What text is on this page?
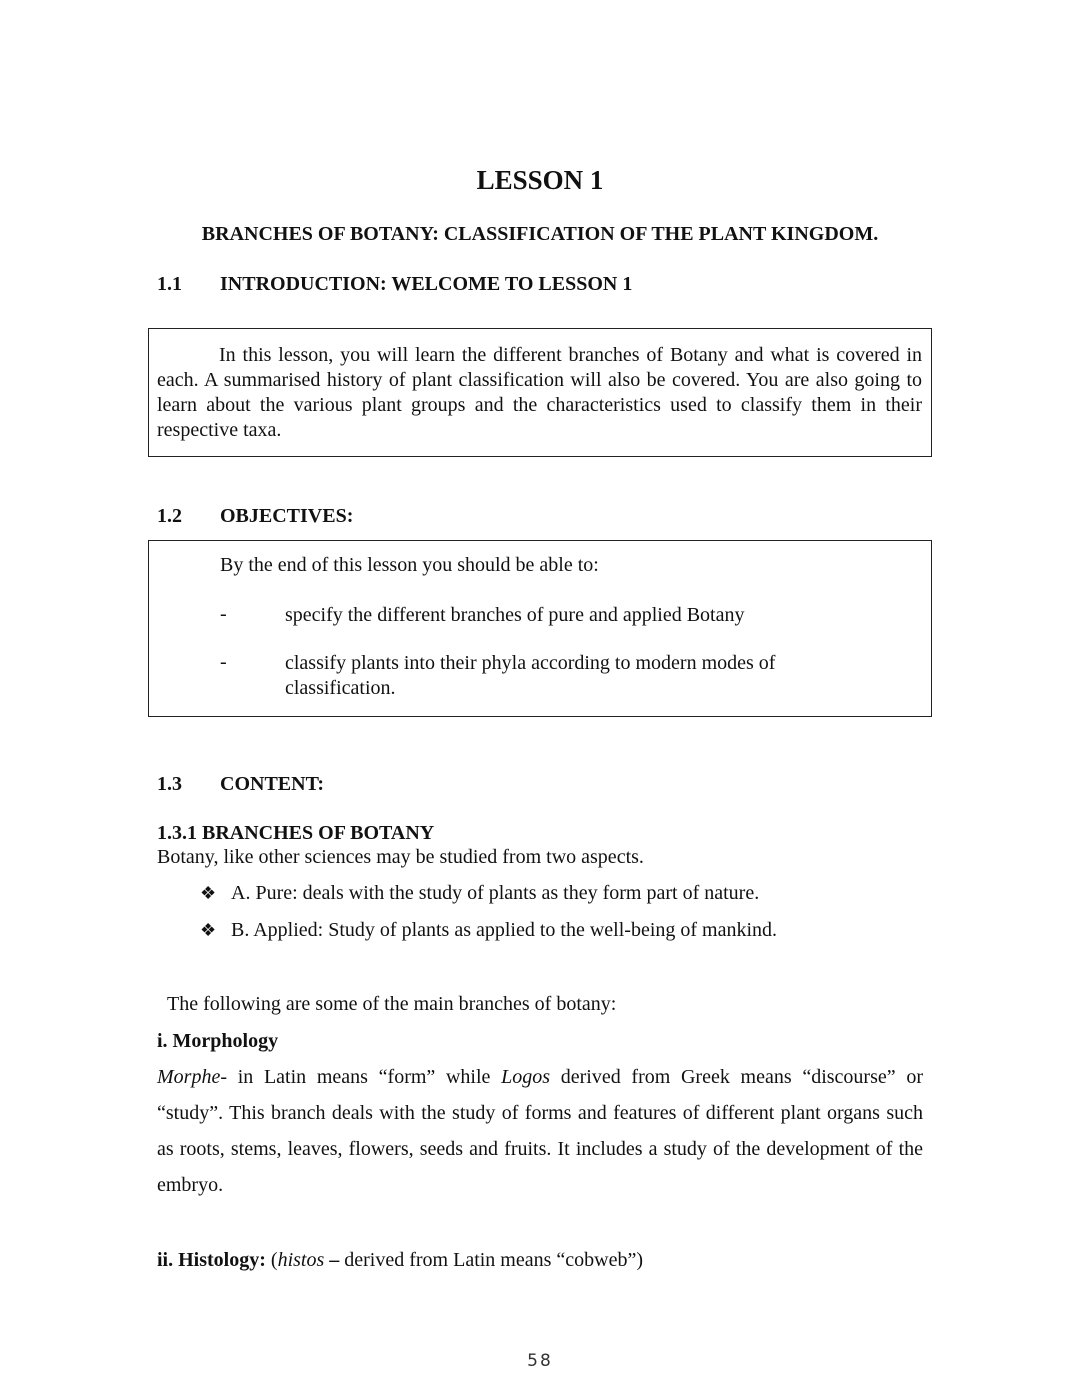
LESSON 1
BRANCHES OF BOTANY: CLASSIFICATION OF THE PLANT KINGDOM.
1.1 INTRODUCTION: WELCOME TO LESSON 1
In this lesson, you will learn the different branches of Botany and what is covered in each. A summarised history of plant classification will also be covered. You are also going to learn about the various plant groups and the characteristics used to classify them in their respective taxa.
1.2 OBJECTIVES:
By the end of this lesson you should be able to:
-	specify the different branches of pure and applied Botany
-	classify plants into their phyla according to modern modes of classification.
1.3 CONTENT:
1.3.1 BRANCHES OF BOTANY
Botany, like other sciences may be studied from two aspects.
❖ A. Pure: deals with the study of plants as they form part of nature.
❖ B. Applied: Study of plants as applied to the well-being of mankind.
The following are some of the main branches of botany:
i. Morphology
Morphe- in Latin means “form” while Logos derived from Greek means “discourse” or “study”. This branch deals with the study of forms and features of different plant organs such as roots, stems, leaves, flowers, seeds and fruits. It includes a study of the development of the embryo.
ii. Histology: (histos – derived from Latin means “cobweb”)
58
